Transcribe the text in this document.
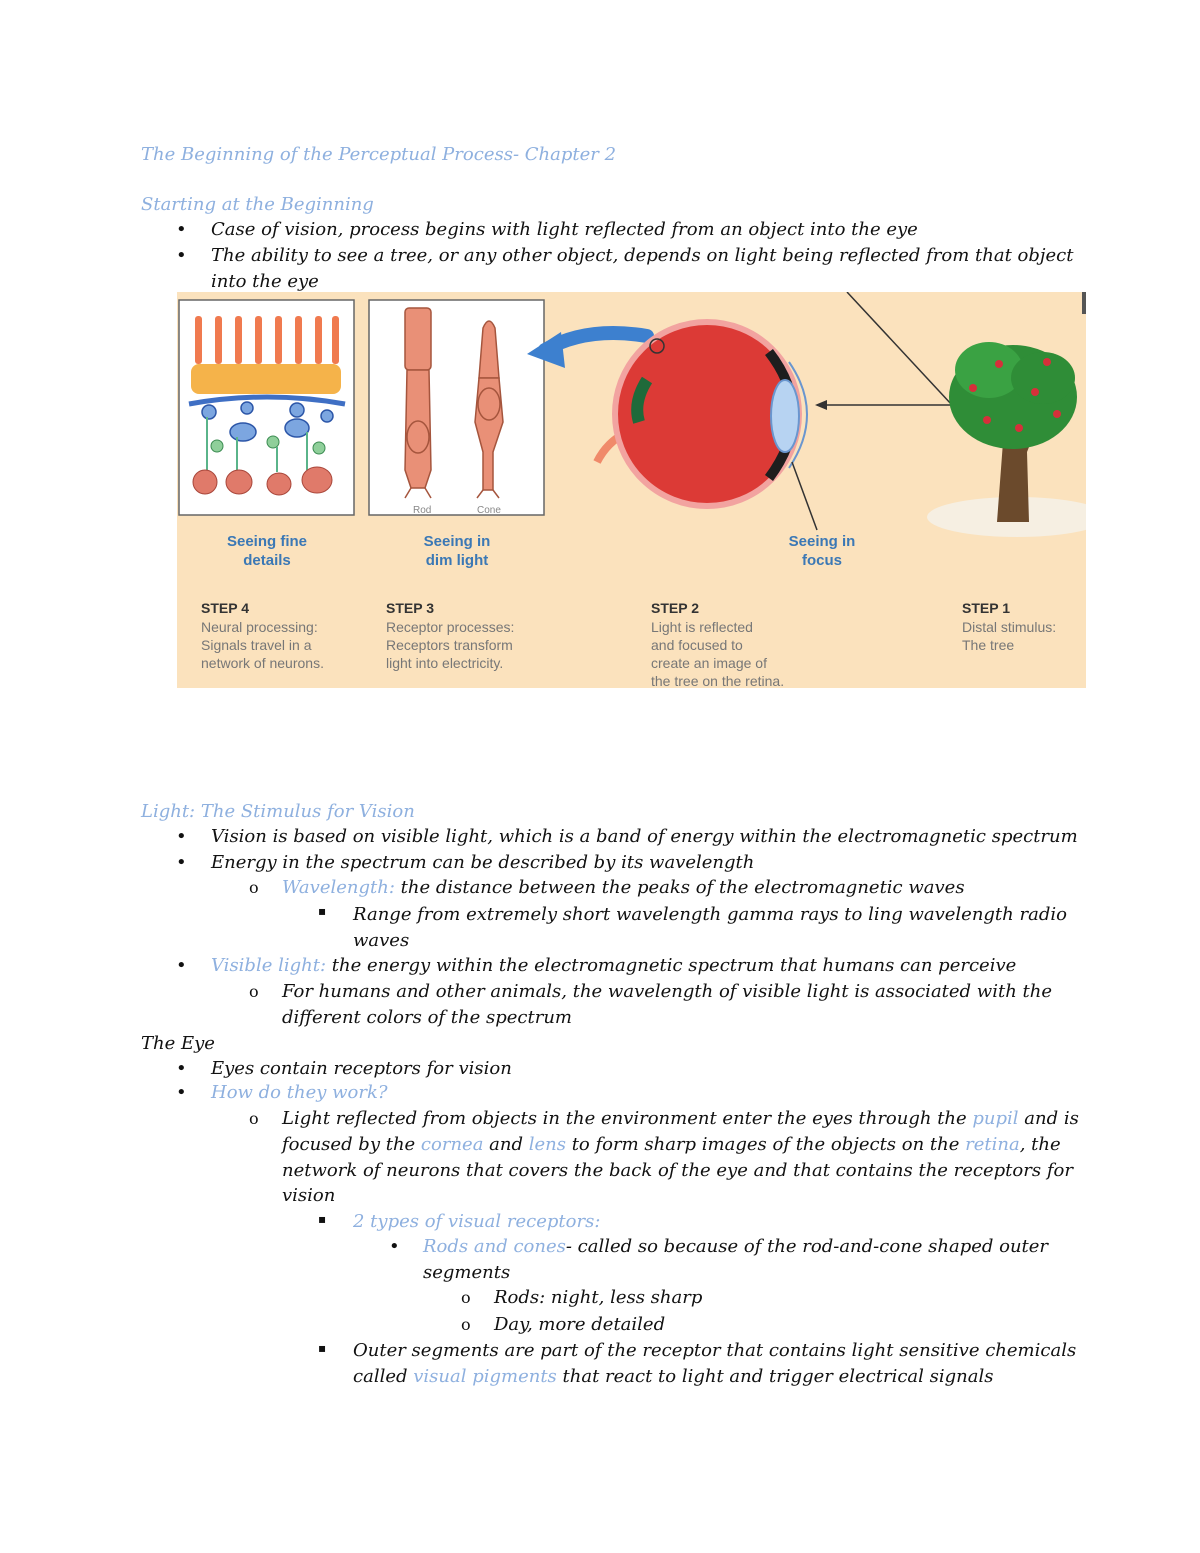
The Beginning of the Perceptual Process- Chapter 2
Starting at the Beginning
• Case of vision, process begins with light reflected from an object into the eye
• The ability to see a tree, or any other object, depends on light being reflected from that object
into the eye
Rod	Cone
Seeing fine
details
Seeing in
dim light
Seeing in
focus
STEP 4
Neural processing:
Signals travel in a
network of neurons.
STEP 3
Receptor processes:
Receptors transform
light into electricity.
STEP 2
Light is reflected
and focused to
create an image of
the tree on the retina.
STEP 1
Distal stimulus:
The tree
Light: The Stimulus for Vision
• Vision is based on visible light, which is a band of energy within the electromagnetic spectrum
• Energy in the spectrum can be described by its wavelength
o Wavelength: the distance between the peaks of the electromagnetic waves
▪ Range from extremely short wavelength gamma rays to ling wavelength radio
waves
• Visible light: the energy within the electromagnetic spectrum that humans can perceive
o For humans and other animals, the wavelength of visible light is associated with the
different colors of the spectrum
The Eye
• Eyes contain receptors for vision
• How do they work?
o Light reflected from objects in the environment enter the eyes through the pupil and is
focused by the cornea and lens to form sharp images of the objects on the retina, the
network of neurons that covers the back of the eye and that contains the receptors for
vision
▪ 2 types of visual receptors:
• Rods and cones- called so because of the rod-and-cone shaped outer
segments
o Rods: night, less sharp
o Day, more detailed
▪ Outer segments are part of the receptor that contains light sensitive chemicals
called visual pigments that react to light and trigger electrical signals
